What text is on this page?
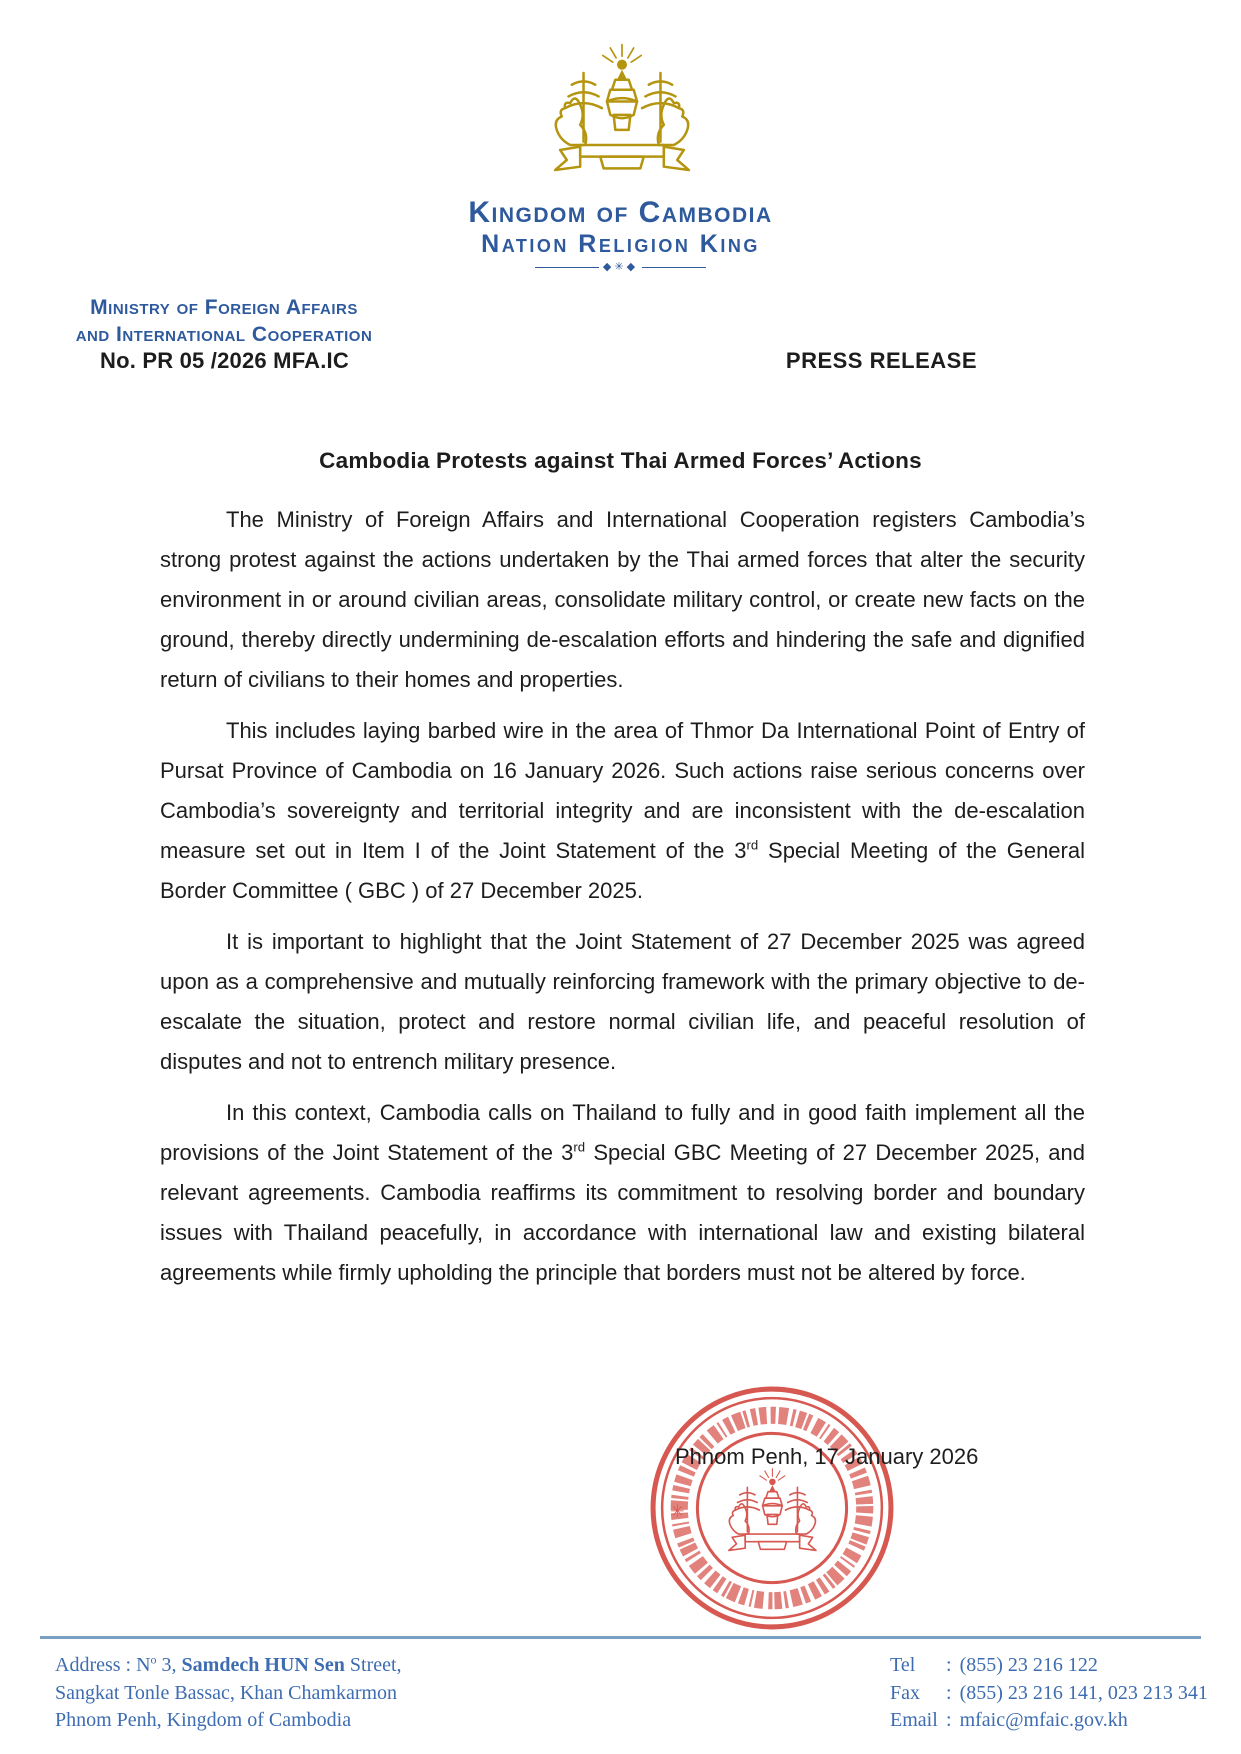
Kingdom of Cambodia
Nation Religion King
◆✳◆
Ministry of Foreign Affairs
and International Cooperation
No. PR 05 /2026 MFA.IC	PRESS RELEASE
Cambodia Protests against Thai Armed Forces’ Actions

The Ministry of Foreign Affairs and International Cooperation registers Cambodia’s strong protest against the actions undertaken by the Thai armed forces that alter the security environment in or around civilian areas, consolidate military control, or create new facts on the ground, thereby directly undermining de-escalation efforts and hindering the safe and dignified return of civilians to their homes and properties.

This includes laying barbed wire in the area of Thmor Da International Point of Entry of Pursat Province of Cambodia on 16 January 2026. Such actions raise serious concerns over Cambodia’s sovereignty and territorial integrity and are inconsistent with the de-escalation measure set out in Item I of the Joint Statement of the 3rd Special Meeting of the General Border Committee ( GBC ) of 27 December 2025.

It is important to highlight that the Joint Statement of 27 December 2025 was agreed upon as a comprehensive and mutually reinforcing framework with the primary objective to de-escalate the situation, protect and restore normal civilian life, and peaceful resolution of disputes and not to entrench military presence.

In this context, Cambodia calls on Thailand to fully and in good faith implement all the provisions of the Joint Statement of the 3rd Special GBC Meeting of 27 December 2025, and relevant agreements. Cambodia reaffirms its commitment to resolving border and boundary issues with Thailand peacefully, in accordance with international law and existing bilateral agreements while firmly upholding the principle that borders must not be altered by force.

Phnom Penh, 17 January 2026
✳
Address : $N^o$ 3, Samdech HUN Sen Street,
Sangkat Tonle Bassac, Khan Chamkarmon
Phnom Penh, Kingdom of Cambodia
Tel : (855) 23 216 122
Fax : (855) 23 216 141, 023 213 341
Email : mfaic@mfaic.gov.kh
